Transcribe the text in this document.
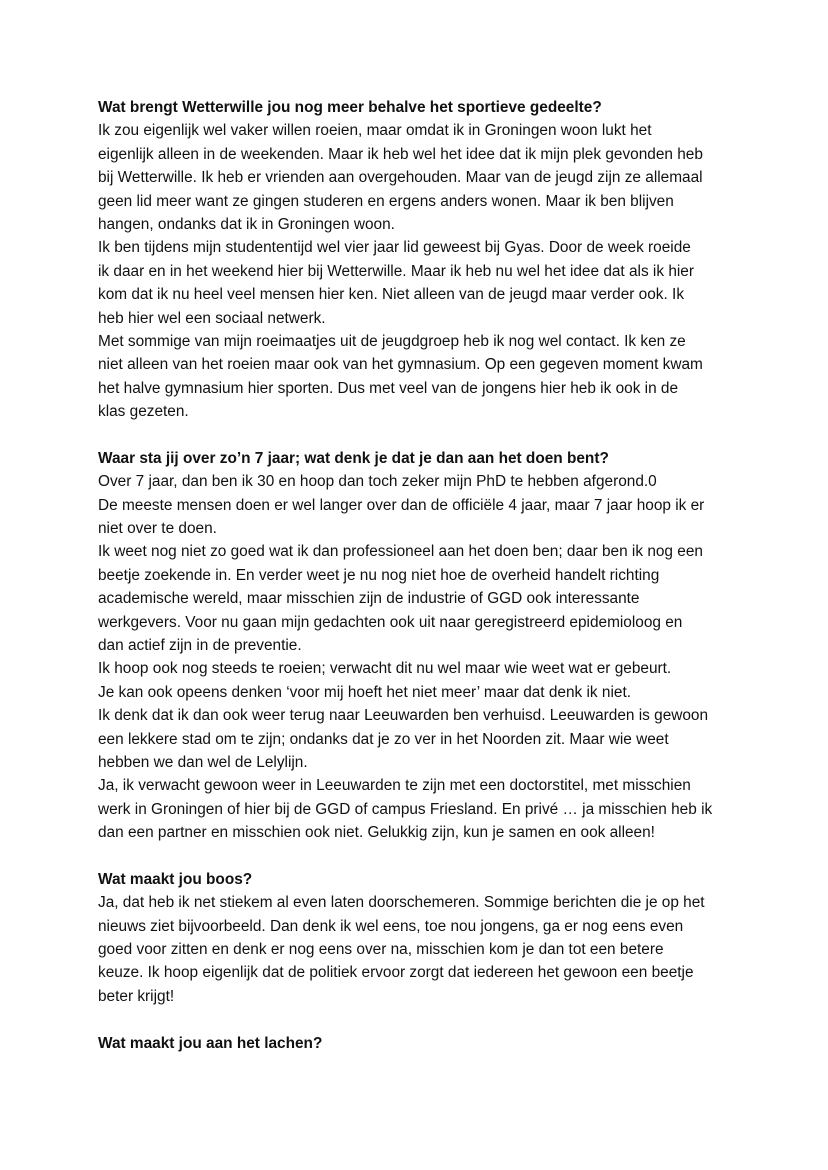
Wat brengt Wetterwille jou nog meer behalve het sportieve gedeelte?
Ik zou eigenlijk wel vaker willen roeien, maar omdat ik in Groningen woon lukt het
eigenlijk alleen in de weekenden. Maar ik heb wel het idee dat ik mijn plek gevonden heb
bij Wetterwille. Ik heb er vrienden aan overgehouden. Maar van de jeugd zijn ze allemaal
geen lid meer want ze gingen studeren en ergens anders wonen. Maar ik ben blijven
hangen, ondanks dat ik in Groningen woon.
Ik ben tijdens mijn studententijd wel vier jaar lid geweest bij Gyas. Door de week roeide
ik daar en in het weekend hier bij Wetterwille. Maar ik heb nu wel het idee dat als ik hier
kom dat ik nu heel veel mensen hier ken. Niet alleen van de jeugd maar verder ook. Ik
heb hier wel een sociaal netwerk.
Met sommige van mijn roeimaatjes uit de jeugdgroep heb ik nog wel contact. Ik ken ze
niet alleen van het roeien maar ook van het gymnasium. Op een gegeven moment kwam
het halve gymnasium hier sporten. Dus met veel van de jongens hier heb ik ook in de
klas gezeten.
Waar sta jij over zo’n 7 jaar; wat denk je dat je dan aan het doen bent?
Over 7 jaar, dan ben ik 30 en hoop dan toch zeker mijn PhD te hebben afgerond.0
De meeste mensen doen er wel langer over dan de officiële 4 jaar, maar 7 jaar hoop ik er
niet over te doen.
Ik weet nog niet zo goed wat ik dan professioneel aan het doen ben; daar ben ik nog een
beetje zoekende in. En verder weet je nu nog niet hoe de overheid handelt richting
academische wereld, maar misschien zijn de industrie of GGD ook interessante
werkgevers. Voor nu gaan mijn gedachten ook uit naar geregistreerd epidemioloog en
dan actief zijn in de preventie.
Ik hoop ook nog steeds te roeien; verwacht dit nu wel maar wie weet wat er gebeurt.
Je kan ook opeens denken ‘voor mij hoeft het niet meer’ maar dat denk ik niet.
Ik denk dat ik dan ook weer terug naar Leeuwarden ben verhuisd. Leeuwarden is gewoon
een lekkere stad om te zijn; ondanks dat je zo ver in het Noorden zit. Maar wie weet
hebben we dan wel de Lelylijn.
Ja, ik verwacht gewoon weer in Leeuwarden te zijn met een doctorstitel, met misschien
werk in Groningen of hier bij de GGD of campus Friesland. En privé … ja misschien heb ik
dan een partner en misschien ook niet. Gelukkig zijn, kun je samen en ook alleen!
Wat maakt jou boos?
Ja, dat heb ik net stiekem al even laten doorschemeren. Sommige berichten die je op het
nieuws ziet bijvoorbeeld. Dan denk ik wel eens, toe nou jongens, ga er nog eens even
goed voor zitten en denk er nog eens over na, misschien kom je dan tot een betere
keuze. Ik hoop eigenlijk dat de politiek ervoor zorgt dat iedereen het gewoon een beetje
beter krijgt!
Wat maakt jou aan het lachen?
